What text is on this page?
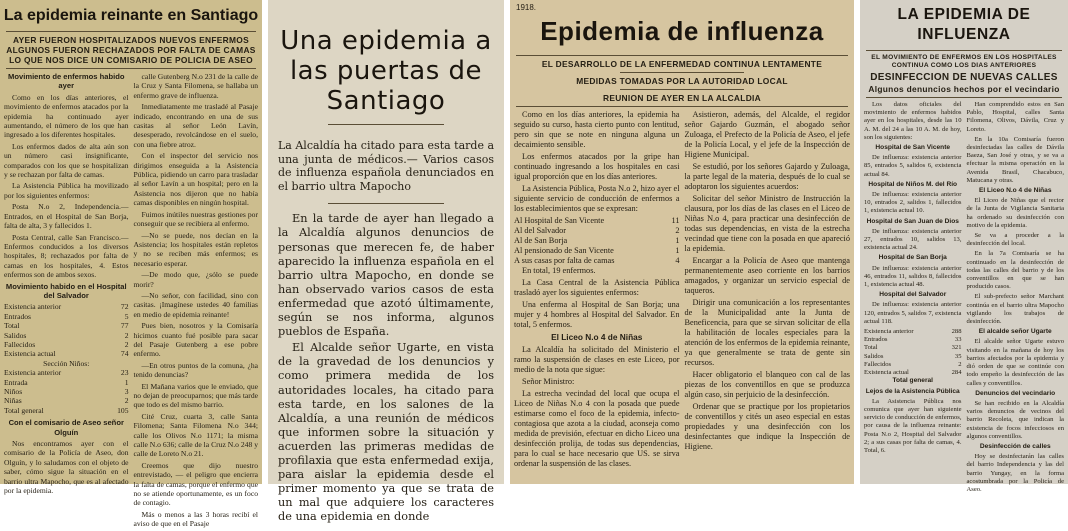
La epidemia reinante en Santiago
AYER FUERON HOSPITALIZADOS NUEVOS ENFERMOS
ALGUNOS FUERON RECHAZADOS POR FALTA DE CAMAS
LO QUE NOS DICE UN COMISARIO DE POLICIA DE ASEO

Movimiento de enfermos habido ayer

Como en los días anteriores, el movimiento de enfermos atacados por la epidemia ha continuado ayer aumentando, el número de los que han ingresado a los diferentes hospitales.

Los enfermos dados de alta aún son un número casi insignificante, comparados con los que se hospitalizan y se rechazan por falta de camas.

La Asistencia Pública ha movilizado por los siguientes enfermos:

Posta N.o 2, Independencia.— Entrados, en el Hospital de San Borja, falta de alta, 3 y fallecidos 1.

Posta Central, calle San Francisco.— Enfermos conducidos a los diversos hospitales, 8; rechazados por falta de camas en los hospitales, 4. Estos enfermos son de ambos sexos.

Movimiento habido en el Hospital del Salvador

Existencia anterior	72
Entrados	5
Total	77
Salidos	2
Fallecidos	2
Existencia actual	74
Sección Niños:
Existencia anterior	23
Entrada	1
Niños	3
Niñas	2
Total general	105

Con el comisario de Aseo señor Olguín

Nos encontramos ayer con el comisario de la Policía de Aseo, don Olguín, y lo saludamos con el objeto de saber, cómo sigue la situación en el barrio ultra Mapocho, que es al afectado por la epidemia.

calle Gutenberg N.o 231 de la calle de la Cruz y Santa Filomena, se hallaba un enfermo grave de influenza.

Inmediatamente me trasladé al Pasaje indicado, encontrando en una de sus casitas al señor León Lavín, desesperado, revolcándose en el suelo, con una fiebre atroz.

Con el inspector del servicio nos dirigimos enseguida a la Asistencia Pública, pidiendo un carro para trasladar al señor Lavín a un hospital; pero en la Asistencia nos dijeron que no había camas disponibles en ningún hospital.

Fuimos inútiles nuestras gestiones por conseguir que se recibiera al enfermo.

—No se puede, nos decían en la Asistencia; los hospitales están repletos y no se reciben más enfermos; es necesario esperar.

—De modo que, ¿sólo se puede morir?

—No señor, con facilidad, sino con casitas. ¡Imagínese ustedes 40 familias en medio de epidemia reinante!

Pues bien, nosotros y la Comisaría hicimos cuanto fué posible para sacar del Pasaje Gutenberg a ese pobre enfermo.

—En otros puntos de la comuna, ¿ha tenido denuncias?

El Mañana varios que le enviado, que no dejan de preocuparnos; que más tarde que todo es del mismo barrio.

Cité Cruz, cuarta 3, calle Santa Filomena; Santa Filomena N.o 344; calle los Olivos N.o 1171; la misma calle N.o 636; calle de la Cruz N.o 248 y calle de Loreto N.o 21.

Creemos que dijo nuestro entrevistado, — el peligro que encierra la falta de camas, porque el enfermo que no se atiende oportunamente, es un foco de contagio.

Más o menos a las 3 horas recibí el aviso de que en el Pasaje

Una epidemia a las puertas de Santiago
La Alcaldía ha citado para esta tarde a una junta de médicos.— Varios casos de influenza española denunciados en el barrio ultra Mapocho

En la tarde de ayer han llegado a la Alcaldía algunos denuncios de personas que merecen fe, de haber aparecido la influenza española en el barrio ultra Mapocho, en donde se han observado varios casos de esta enfermedad que azotó últimamente, según se nos informa, algunos pueblos de España.

El Alcalde señor Ugarte, en vista de la gravedad de los denuncios y como primera medida de los autoridades locales, ha citado para esta tarde, en los salones de la Alcaldía, a una reunión de médicos que informen sobre la situación y acuerden las primeras medidas de profilaxia que esta enfermedad exija, para aislar la epidemia desde el primer momento ya que se trata de un mal que adquiere los caracteres de una epidemia en donde

1918.
Epidemia de influenza
EL DESARROLLO DE LA ENFERMEDAD CONTINUA LENTAMENTE
MEDIDAS TOMADAS POR LA AUTORIDAD LOCAL
REUNION DE AYER EN LA ALCALDIA

Como en los días anteriores, la epidemia ha seguido su curso, hasta cierto punto con lentitud, pero sin que se note en ninguna alguna un decaimiento sensible.

Los enfermos atacados por la gripe han continuado ingresando a los hospitales en casi igual proporción que en los días anteriores.

La Asistencia Pública, Posta N.o 2, hizo ayer el siguiente servicio de conducción de enfermos a los establecimientos que se expresan:

Al Hospital de San Vicente	11
Al del Salvador	2
Al de San Borja	1
Al pensionado de San Vicente	1
A sus casas por falta de camas	4

En total, 19 enfermos.

La Casa Central de la Asistencia Pública trasladó ayer los siguientes enfermos:

Una enferma al Hospital de San Borja; una mujer y 4 hombres al Hospital del Salvador. En total, 5 enfermos.

El Liceo N.o 4 de Niñas

La Alcaldía ha solicitado del Ministerio el ramo la suspensión de clases en este Liceo, por medio de la nota que sigue:

Señor Ministro:

La estrecha vecindad del local que ocupa el Liceo de Niñas N.o 4 con la posada que puede estimarse como el foco de la epidemia, infecto-contagiosa que azota a la ciudad, aconseja como medida de previsión, efectuar en dicho Liceo una desinfección prolija, de todas sus dependencias, para lo cual se hace necesario que US. se sirva ordenar la suspensión de las clases.

Asistieron, además, del Alcalde, el regidor señor Gajardo Guzmán, el abogado señor Zuloaga, el Prefecto de la Policía de Aseo, el jefe de la Policía Local, y el jefe de la Inspección de Higiene Municipal.

Se estudió, por los señores Gajardo y Zuloaga, la parte legal de la materia, después de lo cual se adoptaron los siguientes acuerdos:

Solicitar del señor Ministro de Instrucción la clausura, por los días de las clases en el Liceo de Niñas N.o 4, para practicar una desinfección de todas sus dependencias, en vista de la estrecha vecindad que tiene con la posada en que apareció la epidemia.

Encargar a la Policía de Aseo que mantenga permanentemente aseo corriente en los barrios amagados, y organizar un servicio especial de taqueros.

Dirigir una comunicación a los representantes de la Municipalidad ante la Junta de Beneficencia, para que se sirvan solicitar de ella la habilitación de locales especiales para la atención de los enfermos de la epidemia reinante, ya que generalmente se trata de gente sin recursos.

Hacer obligatorio el blanqueo con cal de las piezas de los conventillos en que se produzca algún caso, sin perjuicio de la desinfección.

Ordenar que se practique por los propietarios de conventillos y cités un aseo especial en estas propiedades y una desinfección con los desinfectantes que indique la Inspección de Higiene.

LA EPIDEMIA DE INFLUENZA
EL MOVIMIENTO DE ENFERMOS EN LOS HOSPITALES CONTINUA COMO LOS DIAS ANTERIORES
DESINFECCION DE NUEVAS CALLES
Algunos denuncios hechos por el vecindario

Los datos oficiales del movimiento de enfermos habidos ayer en los hospitales, desde las 10 A. M. del 24 a las 10 A. M. de hoy, son los siguientes:

Hospital de San Vicente

De influenza: existencia anterior 85, entrados 5, salidos 6, existencia actual 84.

Hospital de Niños M. del Río

De influenza: existencia anterior 10, entrados 2, salidos 1, fallecidos 1, existencia actual 10.

Hospital de San Juan de Dios

De influenza: existencia anterior 27, entrados 10, salidos 13, existencia actual 24.

Hospital de San Borja

De influenza: existencia anterior 46, entrados 11, salidos 8, fallecidos 1, existencia actual 48.

Hospital del Salvador

De influenza: existencia anterior 120, entrados 5, salidos 7, existencia actual 118.

Existencia anterior	288
Entrados	33
Total	321
Salidos	35
Fallecidos	2
Existencia actual	284

Total general

Lejos de la Asistencia Pública

La Asistencia Pública nos comunica que ayer han siguiente servicio de conducción de enfermos, por causa de la influenza reinante: Posta N.o 2, Hospital del Salvador 2; a sus casas por falta de camas, 4. Total, 6.

Han comprendido estos en San Pablo, Hospital, calles Santa Filomena, Olivos, Dávila, Cruz y Loreto.

En la 10a Comisaría fueron desinfectadas las calles de Dávila Baeza, San José y otras, y se va a efectuar la misma operación en la Avenida Brasil, Chacabuco, Matucana y otras.

El Liceo N.o 4 de Niñas

El Liceo de Niñas que el rector de la Junta de Vigilancia Sanitaria ha ordenado su desinfección con motivo de la epidemia.

Se va a proceder a la desinfección del local.

En la 7a Comisaría se ha continuado en la desinfección de todas las calles del barrio y de los conventillos en que se han producido casos.

El sub-prefecto señor Marchant continúa en el barrio ultra Mapocho vigilando los trabajos de desinfección.

El alcalde señor Ugarte

El alcalde señor Ugarte estuvo visitando en la mañana de hoy los barrios afectados por la epidemia y dió orden de que se continúe con todo empeño la desinfección de las calles y conventillos.

Denuncios del vecindario

Se han recibido en la Alcaldía varios denuncios de vecinos del barrio Recoleta, que indican la existencia de focos infecciosos en algunos conventillos.

Desinfección de calles

Hoy se desinfectarán las calles del barrio Independencia y las del barrio Yungay, en la forma acostumbrada por la Policía de Aseo.
